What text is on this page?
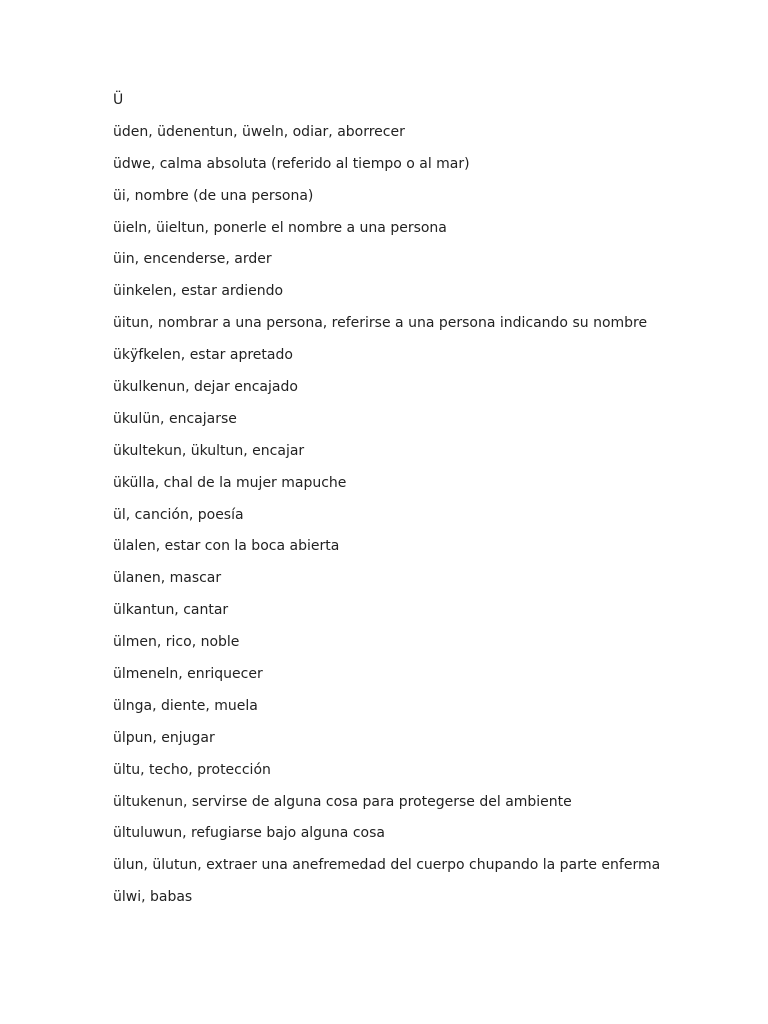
Ü
üden, üdenentun, üweln, odiar, aborrecer
üdwe, calma absoluta (referido al tiempo o al mar)
üi, nombre (de una persona)
üieln, üieltun, ponerle el nombre a una persona
üin, encenderse, arder
üinkelen, estar ardiendo
üitun, nombrar a una persona, referirse a una persona indicando su nombre
ükӱfkelen, estar apretado
ükulkenun, dejar encajado
ükulün, encajarse
ükultekun, ükultun, encajar
ükülla, chal de la mujer mapuche
ül, canción, poesía
ülalen, estar con la boca abierta
ülanen, mascar
ülkantun, cantar
ülmen, rico, noble
ülmeneln, enriquecer
ülnga, diente, muela
ülpun, enjugar
ültu, techo, protección
ültukenun, servirse de alguna cosa para protegerse del ambiente
ültuluwun, refugiarse bajo alguna cosa
ülun, ülutun, extraer una anefremedad del cuerpo chupando la parte enferma
ülwi, babas
